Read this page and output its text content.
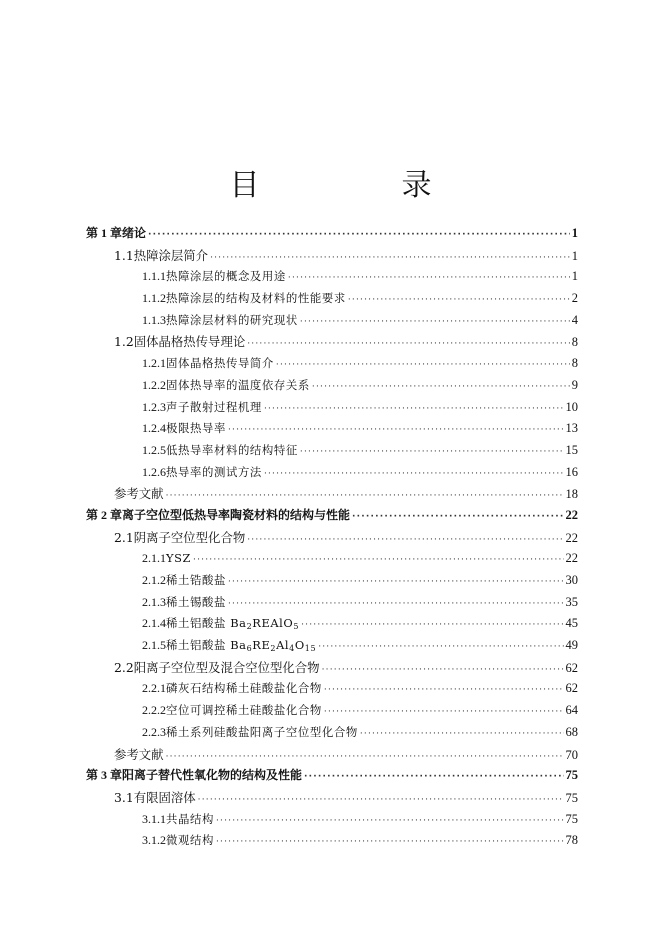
目　录
第 1 章 绪论 ·····	1
1.1 热障涂层简介 ·····	1
1.1.1 热障涂层的概念及用途 ·····	1
1.1.2 热障涂层的结构及材料的性能要求 ·····	2
1.1.3 热障涂层材料的研究现状 ·····	4
1.2 固体晶格热传导理论 ·····	8
1.2.1 固体晶格热传导简介 ·····	8
1.2.2 固体热导率的温度依存关系 ·····	9
1.2.3 声子散射过程机理 ·····	10
1.2.4 极限热导率 ·····	13
1.2.5 低热导率材料的结构特征 ·····	15
1.2.6 热导率的测试方法 ·····	16
参考文献 ·····	18
第 2 章 离子空位型低热导率陶瓷材料的结构与性能 ·····	22
2.1 阴离子空位型化合物 ·····	22
2.1.1 YSZ ·····	22
2.1.2 稀土锆酸盐 ·····	30
2.1.3 稀土锡酸盐 ·····	35
2.1.4 稀土铝酸盐 $Ba_2REAlO_5$ ·····	45
2.1.5 稀土铝酸盐 $Ba_6RE_2Al_4O_{15}$ ·····	49
2.2 阳离子空位型及混合空位型化合物 ·····	62
2.2.1 磷灰石结构稀土硅酸盐化合物 ·····	62
2.2.2 空位可调控稀土硅酸盐化合物 ·····	64
2.2.3 稀土系列硅酸盐阳离子空位型化合物 ·····	68
参考文献 ·····	70
第 3 章 阳离子替代性氧化物的结构及性能 ·····	75
3.1 有限固溶体 ·····	75
3.1.1 共晶结构 ·····	75
3.1.2 微观结构 ·····	78
